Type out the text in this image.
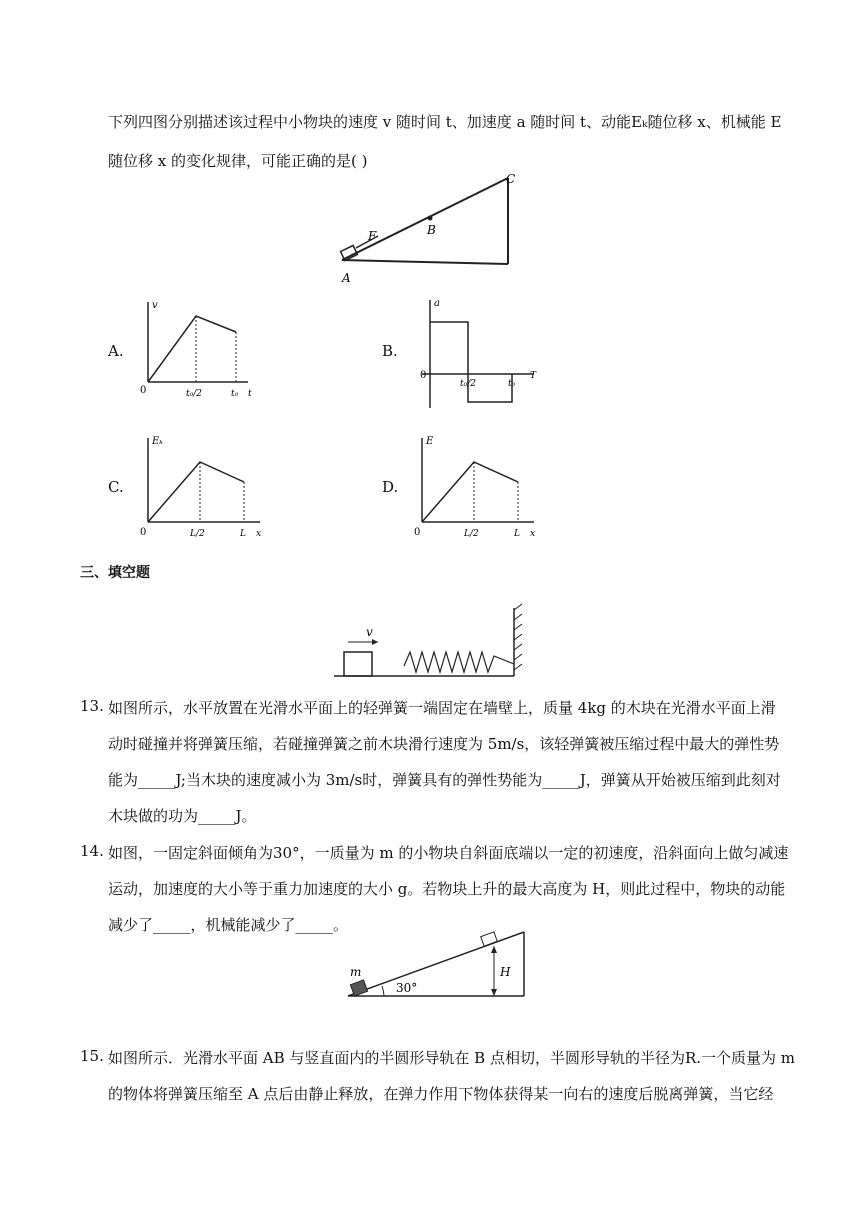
下列四图分别描述该过程中小物块的速度 v 随时间 t、加速度 a 随时间 t、动能Eₖ随位移 x、机械能 E
随位移 x 的变化规律，可能正确的是( )
A
B
C
F
A.
v
0	t₀/2	t₀ t
B.
a
0
t₀/2	t₀
T
C.
Eₖ
0	L/2	L x
D.
E
0	L/2	L x
三、填空题
v
13. 如图所示，水平放置在光滑水平面上的轻弹簧一端固定在墙壁上，质量 4kg 的木块在光滑水平面上滑
动时碰撞并将弹簧压缩，若碰撞弹簧之前木块滑行速度为 5m/s，该轻弹簧被压缩过程中最大的弹性势
能为_____J;当木块的速度减小为 3m/s时，弹簧具有的弹性势能为_____J，弹簧从开始被压缩到此刻对
木块做的功为_____J。
14. 如图，一固定斜面倾角为30°，一质量为 m 的小物块自斜面底端以一定的初速度，沿斜面向上做匀减速
运动，加速度的大小等于重力加速度的大小 g。若物块上升的最大高度为 H，则此过程中，物块的动能
减少了_____，机械能减少了_____。
m
30°
H
15. 如图所示．光滑水平面 AB 与竖直面内的半圆形导轨在 B 点相切，半圆形导轨的半径为R.一个质量为 m
的物体将弹簧压缩至 A 点后由静止释放，在弹力作用下物体获得某一向右的速度后脱离弹簧，当它经
